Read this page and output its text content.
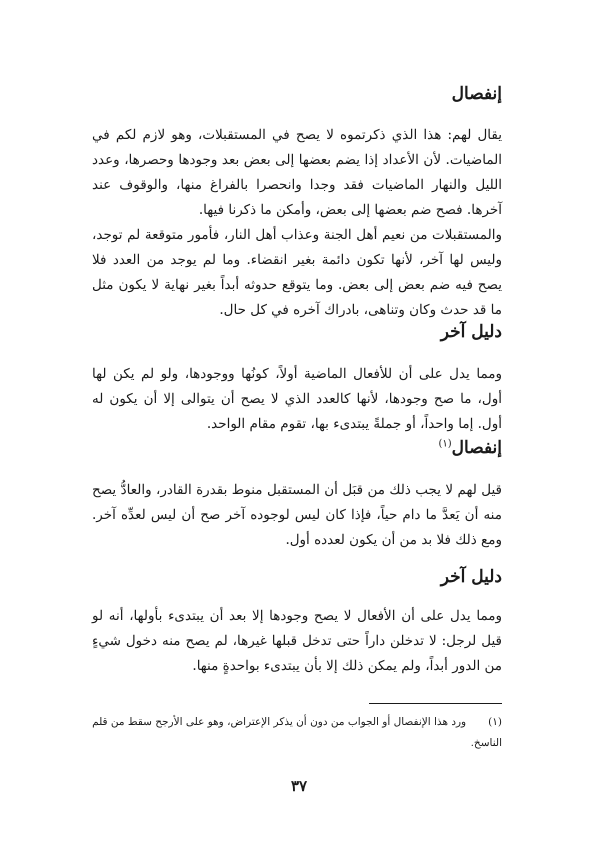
إنفصال

يقال لهم: هذا الذي ذكرتموه لا يصح في المستقبلات، وهو لازم لكم في الماضيات. لأن الأعداد إذا يضم بعضها إلى بعض بعد وجودها وحصرها، وعدد الليل والنهار الماضيات فقد وجدا وانحصرا بالفراغ منها، والوقوف عند آخرها. فصح ضم بعضها إلى بعض، وأمكن ما ذكرنا فيها.

والمستقبلات من نعيم أهل الجنة وعذاب أهل النار، فأمور متوقعة لم توجد، وليس لها آخر، لأنها تكون دائمة بغير انقضاء. وما لم يوجد من العدد فلا يصح فيه ضم بعض إلى بعض. وما يتوقع حدوثه أبداً بغير نهاية لا يكون مثل ما قد حدث وكان وتناهى، بادراك آخره في كل حال.

دليل آخر

ومما يدل على أن للأفعال الماضية أولاً، كونُها ووجودها، ولو لم يكن لها أول، ما صح وجودها، لأنها كالعدد الذي لا يصح أن يتوالى إلا أن يكون له أول. إما واحداً، أو جملةً يبتدىء بها، تقوم مقام الواحد.

إنفصال$^{(١)}$

قيل لهم لا يجب ذلك من قبَل أن المستقبل منوط بقدرة القادر، والعادُّ يصح منه أن يَعدَّ ما دام حياً، فإذا كان ليس لوجوده آخر صح أن ليس لعدِّه آخر. ومع ذلك فلا بد من أن يكون لعدده أول.

دليل آخر

ومما يدل على أن الأفعال لا يصح وجودها إلا بعد أن يبتدىء بأولها، أنه لو قيل لرجل: لا تدخلن داراً حتى تدخل قبلها غيرها، لم يصح منه دخول شيءٍ من الدور أبداً، ولم يمكن ذلك إلا بأن يبتدىء بواحدةٍ منها.

(١)ورد هذا الإنفصال أو الجواب من دون أن يذكر الإعتراض، وهو على الأرجح سقط من قلم الناسخ.
٣٧
